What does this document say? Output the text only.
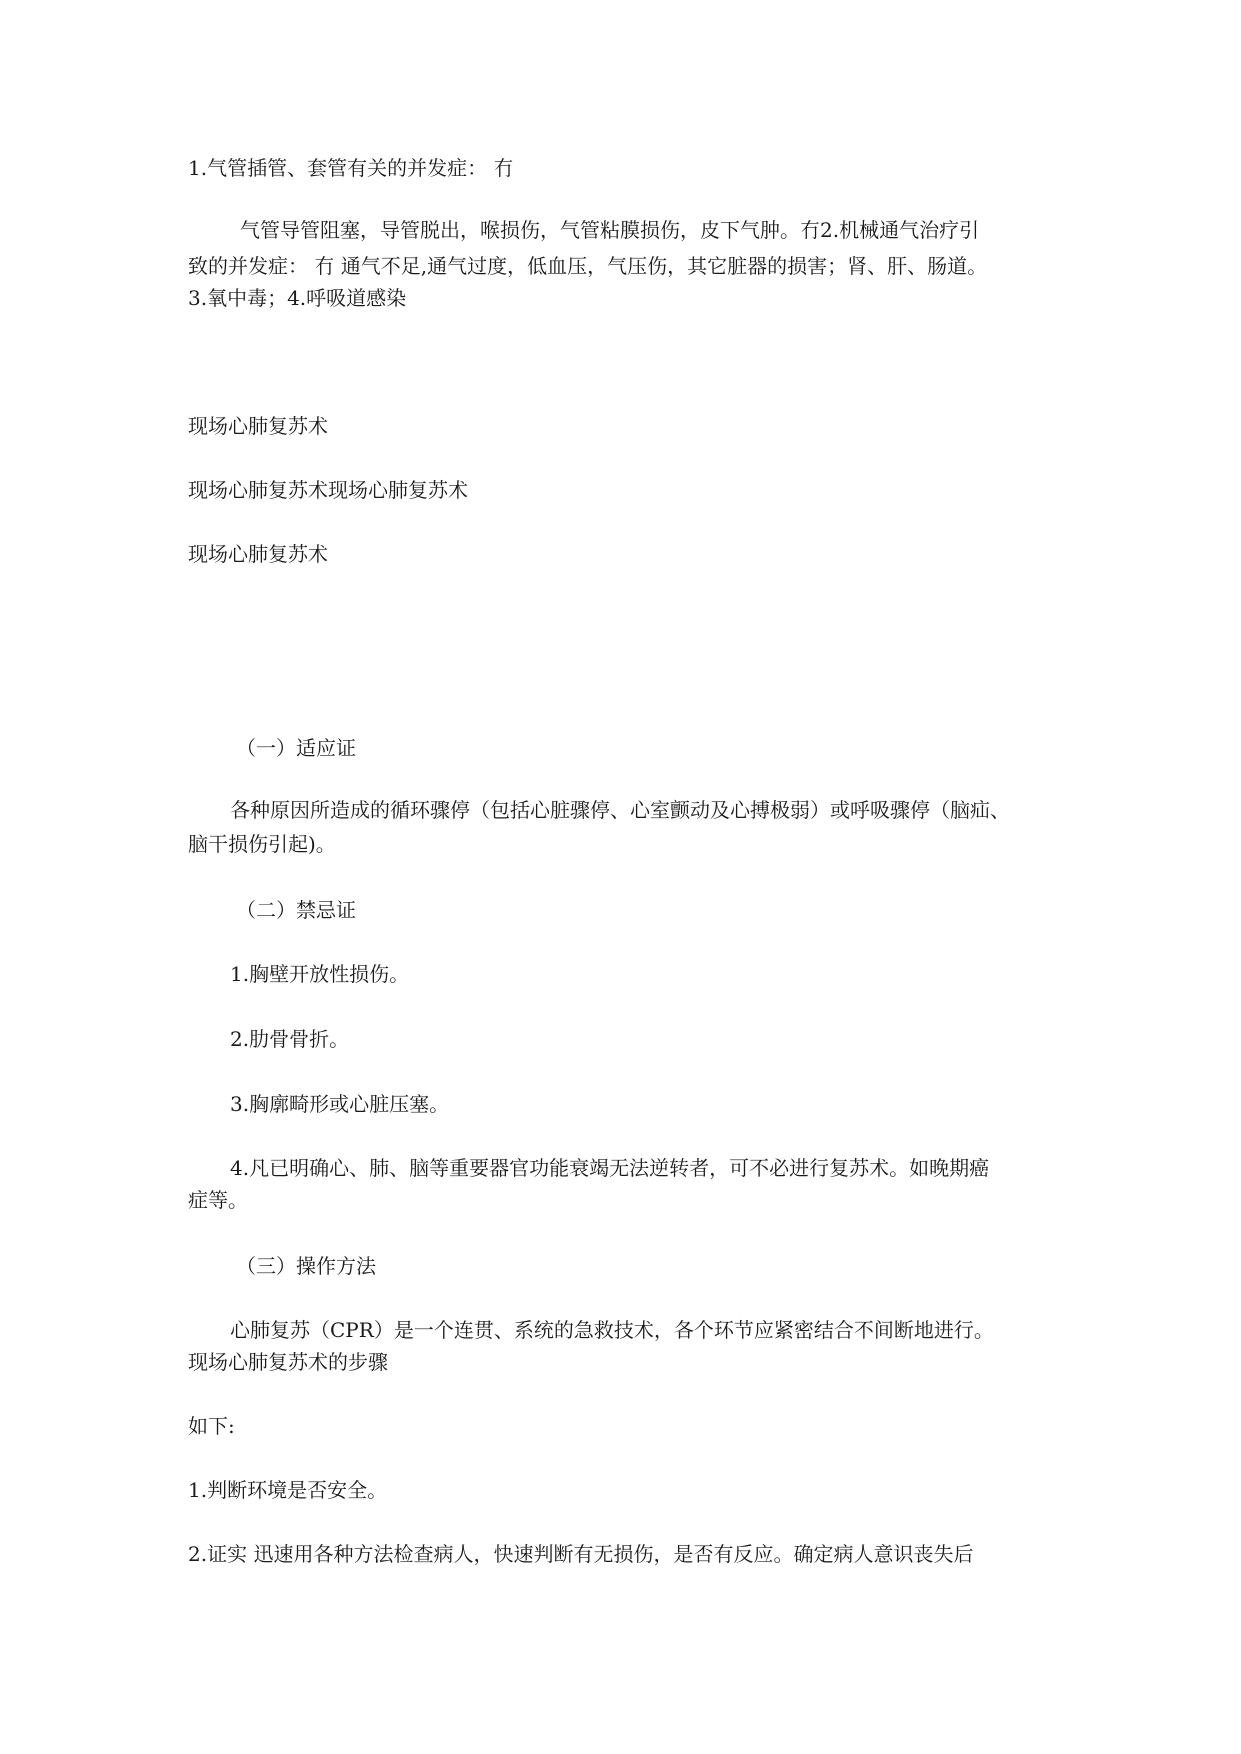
1.气管插管、套管有关的并发症： 冇

气管导管阻塞，导管脱出，喉损伤，气管粘膜损伤，皮下气肿。冇2.机械通气治疗引

致的并发症： 冇 通气不足,通气过度，低血压，气压伤，其它脏器的损害；肾、肝、肠道。

3.氧中毒；4.呼吸道感染

现场心肺复苏术

现场心肺复苏术现场心肺复苏术

现场心肺复苏术

（一）适应证

各种原因所造成的循环骤停（包括心脏骤停、心室颤动及心搏极弱）或呼吸骤停（脑疝、

脑干损伤引起)。

（二）禁忌证

1.胸壁开放性损伤。

2.肋骨骨折。

3.胸廓畸形或心脏压塞。

4.凡已明确心、肺、脑等重要器官功能衰竭无法逆转者，可不必进行复苏术。如晚期癌

症等。

（三）操作方法

心肺复苏（CPR）是一个连贯、系统的急救技术，各个环节应紧密结合不间断地进行。

现场心肺复苏术的步骤

如下:

1.判断环境是否安全。

2.证实 迅速用各种方法检查病人，快速判断有无损伤，是否有反应。确定病人意识丧失后
